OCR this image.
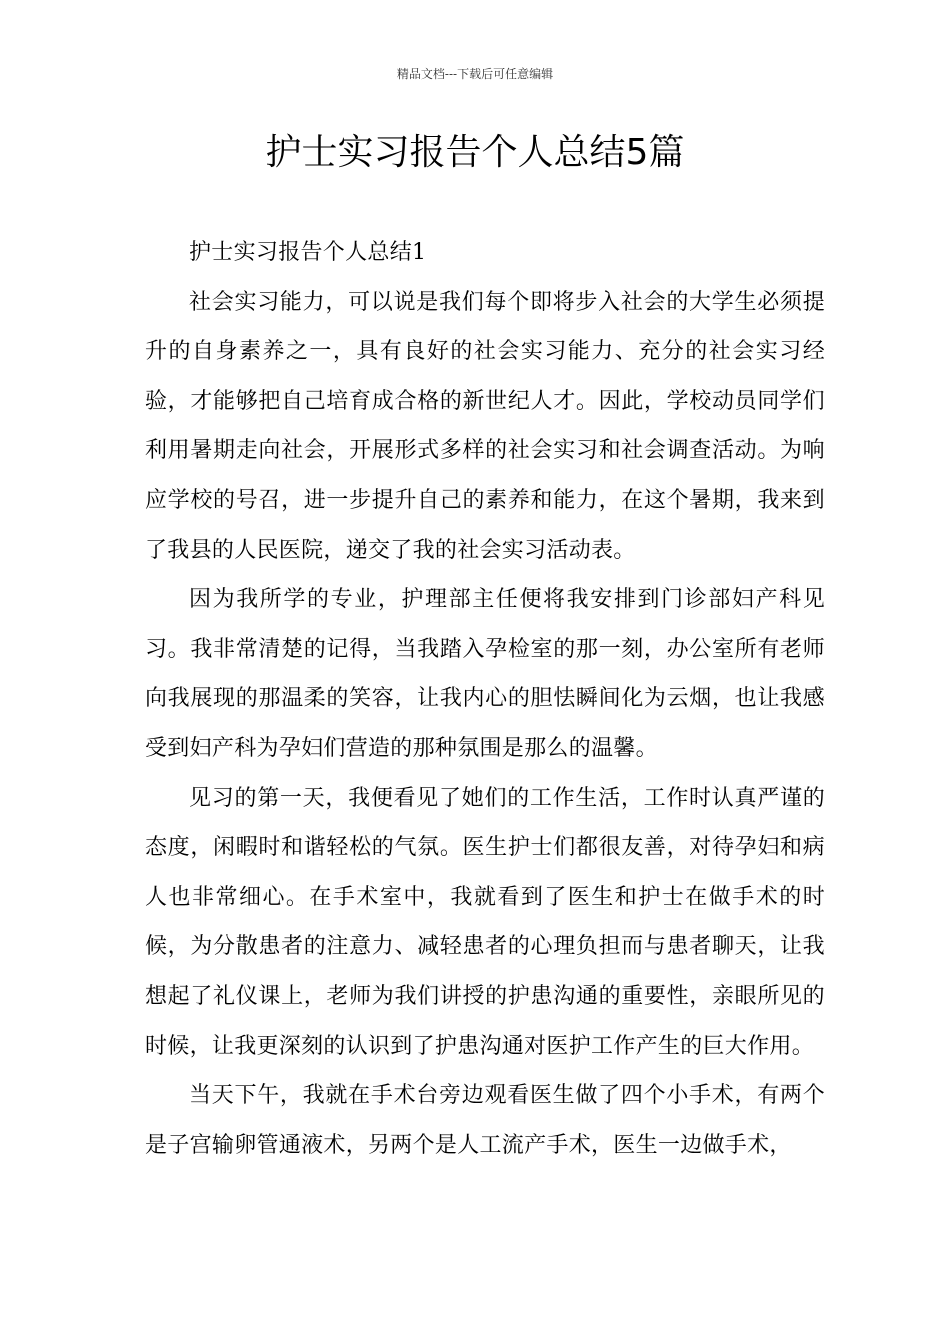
精品文档---下载后可任意编辑
护士实习报告个人总结5篇

护士实习报告个人总结1

社会实习能力，可以说是我们每个即将步入社会的大学生必须提升的自身素养之一，具有良好的社会实习能力、充分的社会实习经验，才能够把自己培育成合格的新世纪人才。因此，学校动员同学们利用暑期走向社会，开展形式多样的社会实习和社会调查活动。为响应学校的号召，进一步提升自己的素养和能力，在这个暑期，我来到了我县的人民医院，递交了我的社会实习活动表。

因为我所学的专业，护理部主任便将我安排到门诊部妇产科见习。我非常清楚的记得，当我踏入孕检室的那一刻，办公室所有老师向我展现的那温柔的笑容，让我内心的胆怯瞬间化为云烟，也让我感受到妇产科为孕妇们营造的那种氛围是那么的温馨。

见习的第一天，我便看见了她们的工作生活，工作时认真严谨的态度，闲暇时和谐轻松的气氛。医生护士们都很友善，对待孕妇和病人也非常细心。在手术室中，我就看到了医生和护士在做手术的时候，为分散患者的注意力、减轻患者的心理负担而与患者聊天，让我想起了礼仪课上，老师为我们讲授的护患沟通的重要性，亲眼所见的时候，让我更深刻的认识到了护患沟通对医护工作产生的巨大作用。

当天下午，我就在手术台旁边观看医生做了四个小手术，有两个是子宫输卵管通液术，另两个是人工流产手术，医生一边做手术，
